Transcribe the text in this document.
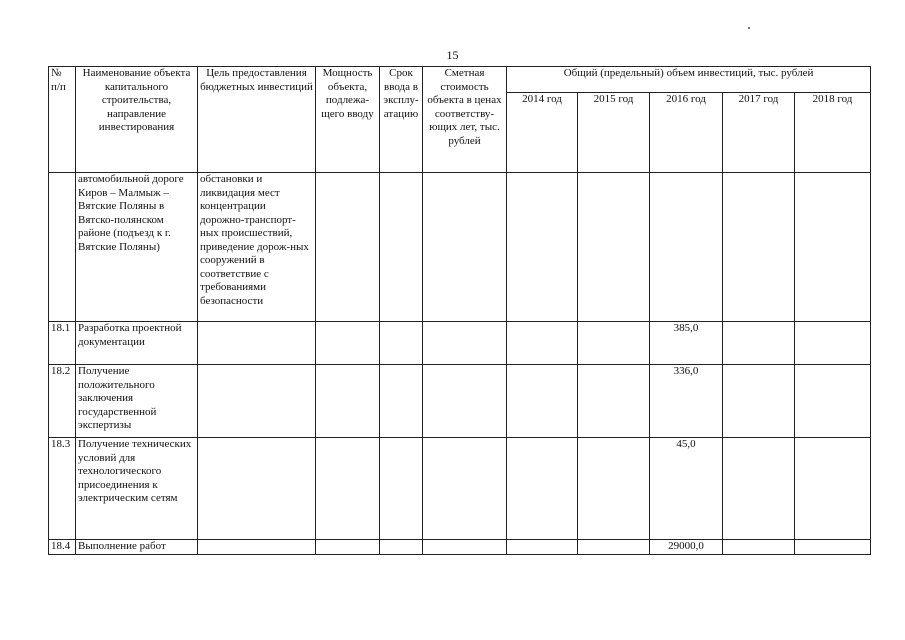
15
№ п/п	Наименование объекта капитального строительства, направление инвестирования	Цель предоставления бюджетных инвестиций	Мощность объекта, подлежа-щего вводу	Срок ввода в эксплу-атацию	Сметная стоимость объекта в ценах соответству-ющих лет, тыс. рублей	Общий (предельный) объем инвестиций, тыс. рублей				
						2014 год	2015 год	2016 год	2017 год	2018 год
	автомобильной дороге Киров – Малмыж – Вятские Поляны в Вятско-полянском районе (подъезд к г. Вятские Поляны)	обстановки и ликвидация мест концентрации дорожно-транспорт-ных происшествий, приведение дорож-ных сооружений в соответствие с требованиями безопасности								
18.1	Разработка проектной документации							385,0		
18.2	Получение положительного заключения государственной экспертизы							336,0		
18.3	Получение технических условий для технологического присоединения к электрическим сетям							45,0		
18.4	Выполнение работ							29000,0		
